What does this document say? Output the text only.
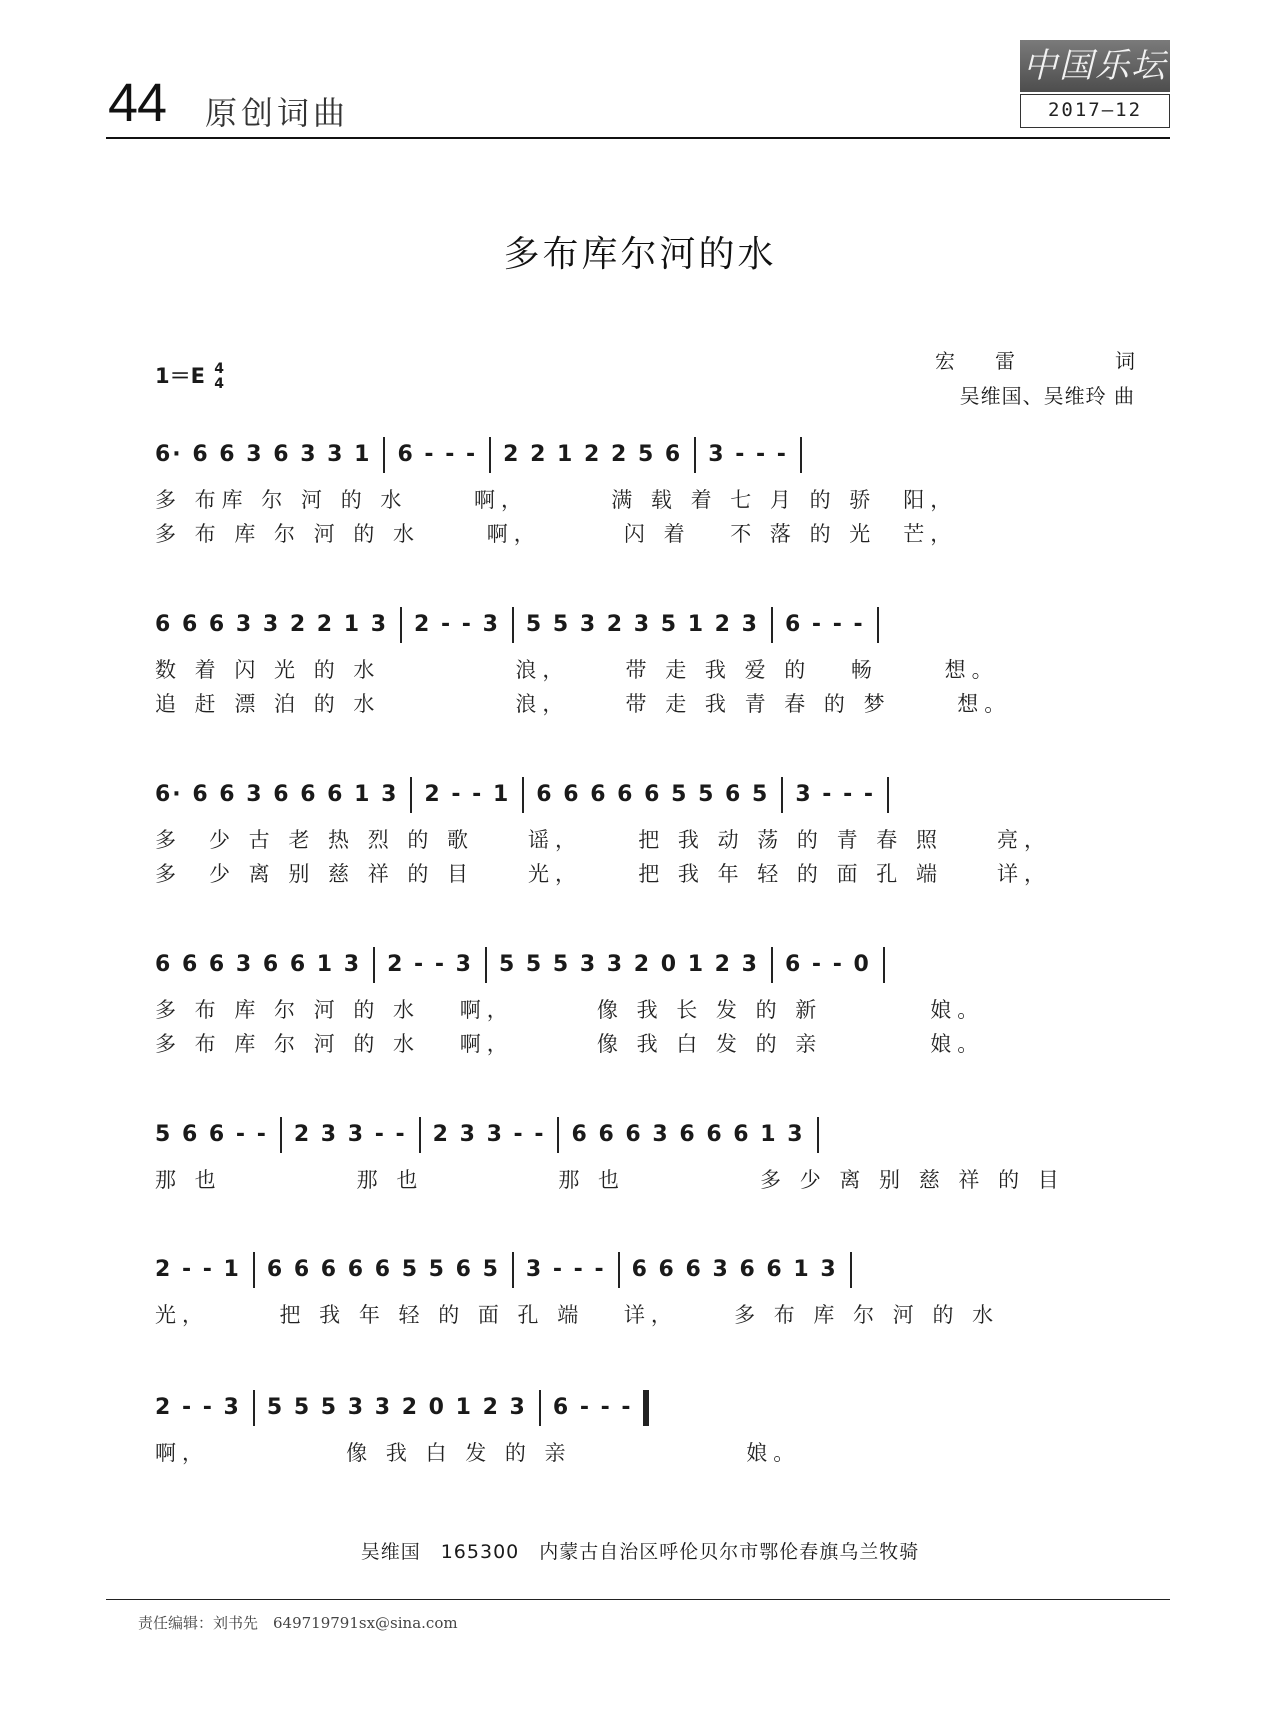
44 原创词曲
中国乐坛
2017—12
多布库尔河的水
1＝E 4
4
宏　　雷	词
吴维国、吴维玲 曲
6· 6 6 3 6 3 3 1 6 - - - 2 2 1 2 2 5 6 3 - - -
多 布库 尔 河 的 水　　 啊，　　　 满 载 着 七 月 的 骄　阳，
多 布 库 尔 河 的 水　　 啊，　　　 闪 着　 不 落 的 光　芒，
6 6 6 3 3 2 2 1 3 2 - - 3 5 5 3 2 3 5 1 2 3 6 - - -
数 着 闪 光 的 水　　　　　浪，　　 带 走 我 爱 的　 畅　　 想。
追 赶 漂 泊 的 水　　　　　浪，　　 带 走 我 青 春 的 梦　　 想。
6· 6 6 3 6 6 6 1 3 2 - - 1 6 6 6 6 6 5 5 6 5 3 - - -
多　少 古 老 热 烈 的 歌　　谣，　　 把 我 动 荡 的 青 春 照　　亮，
多　少 离 别 慈 祥 的 目　　光，　　 把 我 年 轻 的 面 孔 端　　详，
6 6 6 3 6 6 1 3 2 - - 3 5 5 5 3 3 2 0 1 2 3 6 - - 0
多 布 库 尔 河 的 水　 啊，　　　 像 我 长 发 的 新　　　　娘。
多 布 库 尔 河 的 水　 啊，　　　 像 我 白 发 的 亲　　　　娘。
5 6 6 - - 2 3 3 - - 2 3 3 - - 6 6 6 3 6 6 6 1 3
那 也　　　　　那 也　　　　　那 也　　　　　多 少 离 别 慈 祥 的 目
2 - - 1 6 6 6 6 6 5 5 6 5 3 - - - 6 6 6 3 6 6 1 3
光，　　　把 我 年 轻 的 面 孔 端　 详，　　 多 布 库 尔 河 的 水
2 - - 3 5 5 5 3 3 2 0 1 2 3 6 - - -
啊，　　　　　 像 我 白 发 的 亲　　　　　　 娘。
吴维国　165300　内蒙古自治区呼伦贝尔市鄂伦春旗乌兰牧骑
责任编辑：刘书先　649719791sx@sina.com
